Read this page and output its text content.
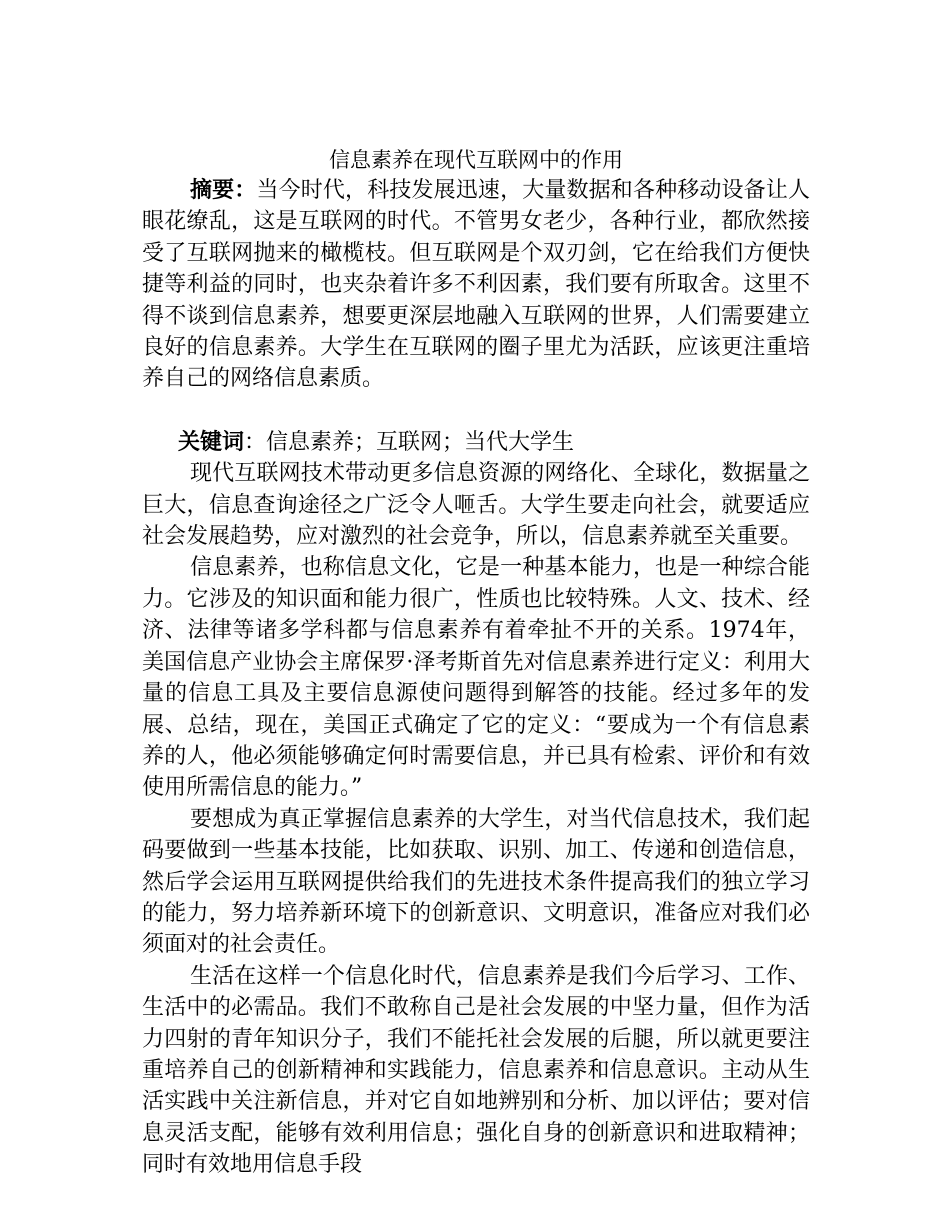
信息素养在现代互联网中的作用

摘要：当今时代，科技发展迅速，大量数据和各种移动设备让人眼花缭乱，这是互联网的时代。不管男女老少，各种行业，都欣然接受了互联网抛来的橄榄枝。但互联网是个双刃剑，它在给我们方便快捷等利益的同时，也夹杂着许多不利因素，我们要有所取舍。这里不得不谈到信息素养，想要更深层地融入互联网的世界，人们需要建立良好的信息素养。大学生在互联网的圈子里尤为活跃，应该更注重培养自己的网络信息素质。

关键词：信息素养；互联网；当代大学生

现代互联网技术带动更多信息资源的网络化、全球化，数据量之巨大，信息查询途径之广泛令人咂舌。大学生要走向社会，就要适应社会发展趋势，应对激烈的社会竞争，所以，信息素养就至关重要。

信息素养，也称信息文化，它是一种基本能力，也是一种综合能力。它涉及的知识面和能力很广，性质也比较特殊。人文、技术、经济、法律等诸多学科都与信息素养有着牵扯不开的关系。1974年，美国信息产业协会主席保罗·泽考斯首先对信息素养进行定义：利用大量的信息工具及主要信息源使问题得到解答的技能。经过多年的发展、总结，现在，美国正式确定了它的定义：“要成为一个有信息素养的人，他必须能够确定何时需要信息，并已具有检索、评价和有效使用所需信息的能力。”

要想成为真正掌握信息素养的大学生，对当代信息技术，我们起码要做到一些基本技能，比如获取、识别、加工、传递和创造信息，然后学会运用互联网提供给我们的先进技术条件提高我们的独立学习的能力，努力培养新环境下的创新意识、文明意识，准备应对我们必须面对的社会责任。

生活在这样一个信息化时代，信息素养是我们今后学习、工作、生活中的必需品。我们不敢称自己是社会发展的中坚力量，但作为活力四射的青年知识分子，我们不能托社会发展的后腿，所以就更要注重培养自己的创新精神和实践能力，信息素养和信息意识。主动从生活实践中关注新信息，并对它自如地辨别和分析、加以评估；要对信息灵活支配，能够有效利用信息；强化自身的创新意识和进取精神；同时有效地用信息手段
